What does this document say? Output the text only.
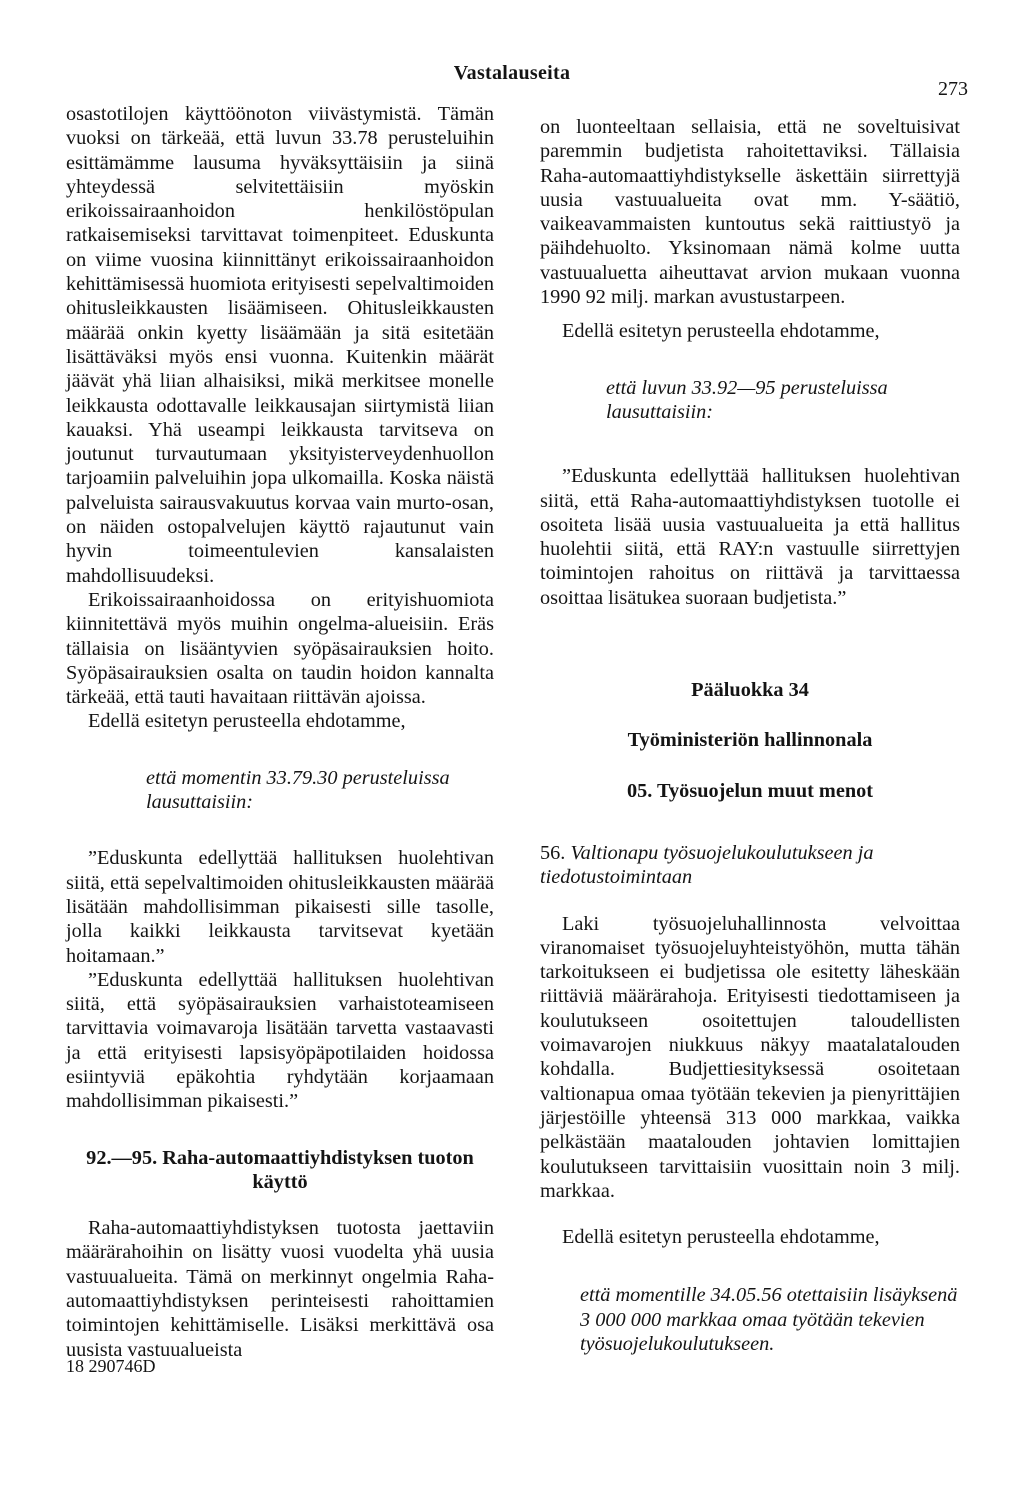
Vastalauseita
273

osastotilojen käyttöönoton viivästymistä. Tämän vuoksi on tärkeää, että luvun 33.78 perusteluihin esittämämme lausuma hyväksyttäisiin ja siinä yhteydessä selvitettäisiin myöskin erikoissairaanhoidon henkilöstöpulan ratkaisemiseksi tarvittavat toimenpiteet. Eduskunta on viime vuosina kiinnittänyt erikoissairaanhoidon kehittämisessä huomiota erityisesti sepelvaltimoiden ohitusleikkausten lisäämiseen. Ohitusleikkausten määrää onkin kyetty lisäämään ja sitä esitetään lisättäväksi myös ensi vuonna. Kuitenkin määrät jäävät yhä liian alhaisiksi, mikä merkitsee monelle leikkausta odottavalle leikkausajan siirtymistä liian kauaksi. Yhä useampi leikkausta tarvitseva on joutunut turvautumaan yksityisterveydenhuollon tarjoamiin palveluihin jopa ulkomailla. Koska näistä palveluista sairausvakuutus korvaa vain murto-osan, on näiden ostopalvelujen käyttö rajautunut vain hyvin toimeentulevien kansalaisten mahdollisuudeksi.

Erikoissairaanhoidossa on erityishuomiota kiinnitettävä myös muihin ongelma-alueisiin. Eräs tällaisia on lisääntyvien syöpäsairauksien hoito. Syöpäsairauksien osalta on taudin hoidon kannalta tärkeää, että tauti havaitaan riittävän ajoissa.

Edellä esitetyn perusteella ehdotamme,

että momentin 33.79.30 perusteluissa lausuttaisiin:

”Eduskunta edellyttää hallituksen huolehtivan siitä, että sepelvaltimoiden ohitusleikkausten määrää lisätään mahdollisimman pikaisesti sille tasolle, jolla kaikki leikkausta tarvitsevat kyetään hoitamaan.”

”Eduskunta edellyttää hallituksen huolehtivan siitä, että syöpäsairauksien varhaistoteamiseen tarvittavia voimavaroja lisätään tarvetta vastaavasti ja että erityisesti lapsisyöpäpotilaiden hoidossa esiintyviä epäkohtia ryhdytään korjaamaan mahdollisimman pikaisesti.”

92.—95. Raha-automaattiyhdistyksen tuoton käyttö

Raha-automaattiyhdistyksen tuotosta jaettaviin määrärahoihin on lisätty vuosi vuodelta yhä uusia vastuualueita. Tämä on merkinnyt ongelmia Raha-automaattiyhdistyksen perinteisesti rahoittamien toimintojen kehittämiselle. Lisäksi merkittävä osa uusista vastuualueista

on luonteeltaan sellaisia, että ne soveltuisivat paremmin budjetista rahoitettaviksi. Tällaisia Raha-automaattiyhdistykselle äskettäin siirrettyjä uusia vastuualueita ovat mm. Y-säätiö, vaikeavammaisten kuntoutus sekä raittiustyö ja päihdehuolto. Yksinomaan nämä kolme uutta vastuualuetta aiheuttavat arvion mukaan vuonna 1990 92 milj. markan avustustarpeen.

Edellä esitetyn perusteella ehdotamme,

että luvun 33.92—95 perusteluissa lausuttaisiin:

”Eduskunta edellyttää hallituksen huolehtivan siitä, että Raha-automaattiyhdistyksen tuotolle ei osoiteta lisää uusia vastuualueita ja että hallitus huolehtii siitä, että RAY:n vastuulle siirrettyjen toimintojen rahoitus on riittävä ja tarvittaessa osoittaa lisätukea suoraan budjetista.”

Pääluokka 34

Työministeriön hallinnonala

05. Työsuojelun muut menot

56. Valtionapu työsuojelukoulutukseen ja tiedotustoimintaan

Laki työsuojeluhallinnosta velvoittaa viranomaiset työsuojeluyhteistyöhön, mutta tähän tarkoitukseen ei budjetissa ole esitetty läheskään riittäviä määrärahoja. Erityisesti tiedottamiseen ja koulutukseen osoitettujen taloudellisten voimavarojen niukkuus näkyy maatalatalouden kohdalla. Budjettiesityksessä osoitetaan valtionapua omaa työtään tekevien ja pienyrittäjien järjestöille yhteensä 313 000 markkaa, vaikka pelkästään maatalouden johtavien lomittajien koulutukseen tarvittaisiin vuosittain noin 3 milj. markkaa.

Edellä esitetyn perusteella ehdotamme,

että momentille 34.05.56 otettaisiin lisäyksenä 3 000 000 markkaa omaa työtään tekevien työsuojelukoulutukseen.

18 290746D
